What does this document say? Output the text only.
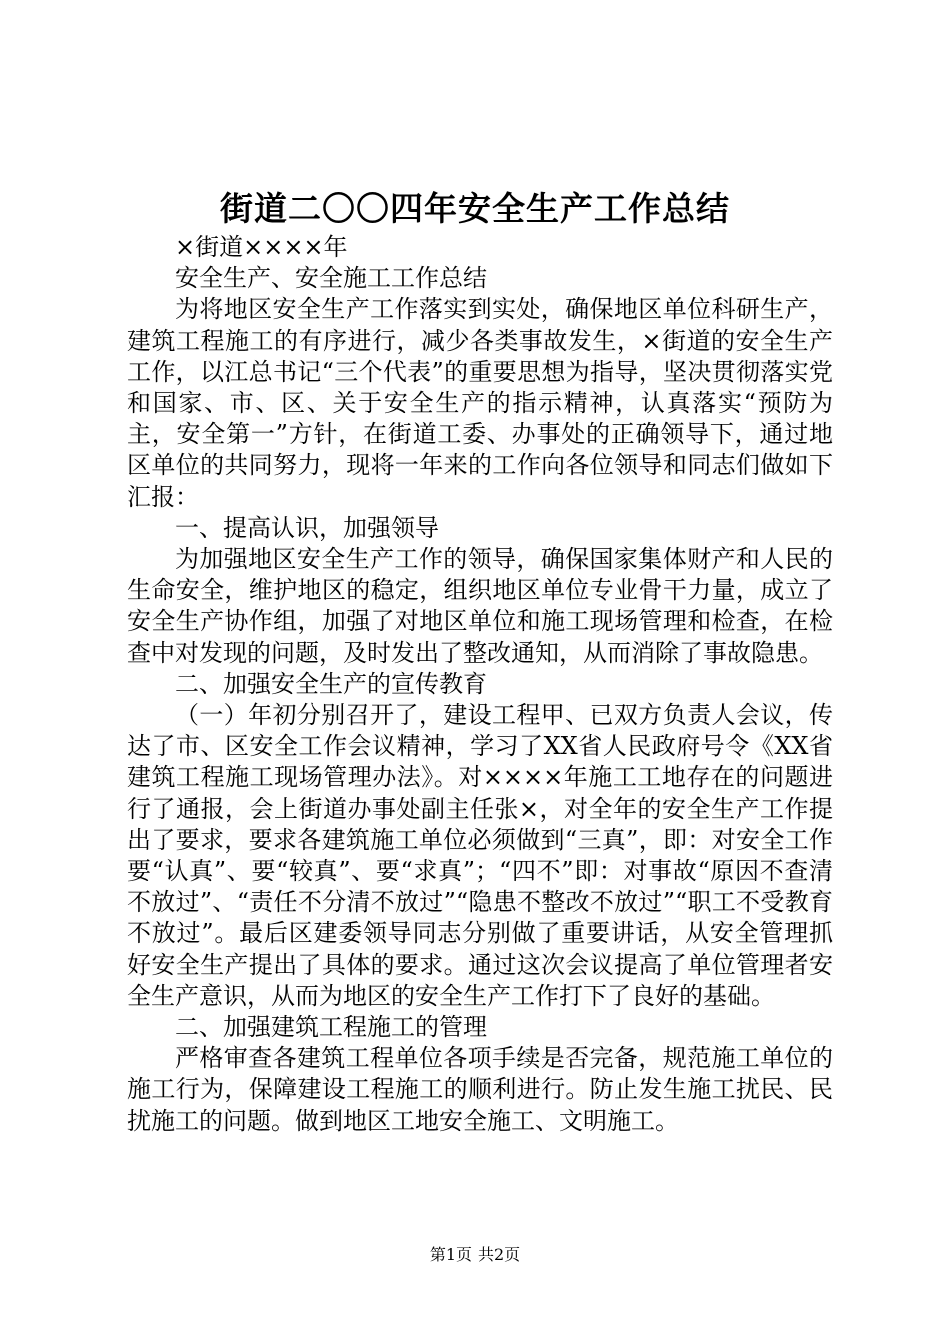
街道二〇〇四年安全生产工作总结

×街道××××年

安全生产、安全施工工作总结

为将地区安全生产工作落实到实处，确保地区单位科研生产，建筑工程施工的有序进行，减少各类事故发生，×街道的安全生产工作，以江总书记“三个代表”的重要思想为指导，坚决贯彻落实党和国家、市、区、关于安全生产的指示精神，认真落实“预防为主，安全第一”方针，在街道工委、办事处的正确领导下，通过地区单位的共同努力，现将一年来的工作向各位领导和同志们做如下汇报：

一、提高认识，加强领导

为加强地区安全生产工作的领导，确保国家集体财产和人民的生命安全，维护地区的稳定，组织地区单位专业骨干力量，成立了安全生产协作组，加强了对地区单位和施工现场管理和检查，在检查中对发现的问题，及时发出了整改通知，从而消除了事故隐患。

二、加强安全生产的宣传教育

（一）年初分别召开了，建设工程甲、已双方负责人会议，传达了市、区安全工作会议精神，学习了XX省人民政府号令《XX省建筑工程施工现场管理办法》。对××××年施工工地存在的问题进行了通报，会上街道办事处副主任张×，对全年的安全生产工作提出了要求，要求各建筑施工单位必须做到“三真”，即：对安全工作要“认真”、要“较真”、要“求真”；“四不”即：对事故“原因不查清不放过”、“责任不分清不放过”“隐患不整改不放过”“职工不受教育不放过”。最后区建委领导同志分别做了重要讲话，从安全管理抓好安全生产提出了具体的要求。通过这次会议提高了单位管理者安全生产意识，从而为地区的安全生产工作打下了良好的基础。

二、加强建筑工程施工的管理

严格审查各建筑工程单位各项手续是否完备，规范施工单位的施工行为，保障建设工程施工的顺利进行。防止发生施工扰民、民扰施工的问题。做到地区工地安全施工、文明施工。

第1页 共2页
